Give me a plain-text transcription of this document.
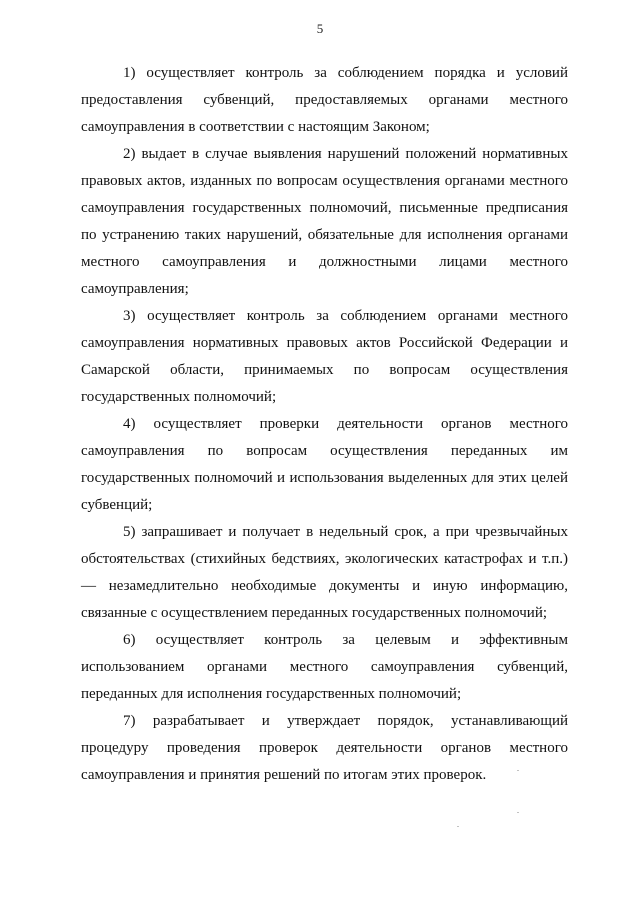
5

1) осуществляет контроль за соблюдением порядка и условий предоставления субвенций, предоставляемых органами местного самоуправления в соответствии с настоящим Законом;

2) выдает в случае выявления нарушений положений нормативных правовых актов, изданных по вопросам осуществления органами местного самоуправления государственных полномочий, письменные предписания по устранению таких нарушений, обязательные для исполнения органами местного самоуправления и должностными лицами местного самоуправления;

3) осуществляет контроль за соблюдением органами местного самоуправления нормативных правовых актов Российской Федерации и Самарской области, принимаемых по вопросам осуществления государственных полномочий;

4) осуществляет проверки деятельности органов местного самоуправления по вопросам осуществления переданных им государственных полномочий и использования выделенных для этих целей субвенций;

5) запрашивает и получает в недельный срок, а при чрезвычайных обстоятельствах (стихийных бедствиях, экологических катастрофах и т.п.) — незамедлительно необходимые документы и иную информацию, связанные с осуществлением переданных государственных полномочий;

6) осуществляет контроль за целевым и эффективным использованием органами местного самоуправления субвенций, переданных для исполнения государственных полномочий;

7) разрабатывает и утверждает порядок, устанавливающий процедуру проведения проверок деятельности органов местного самоуправления и принятия решений по итогам этих проверок.
